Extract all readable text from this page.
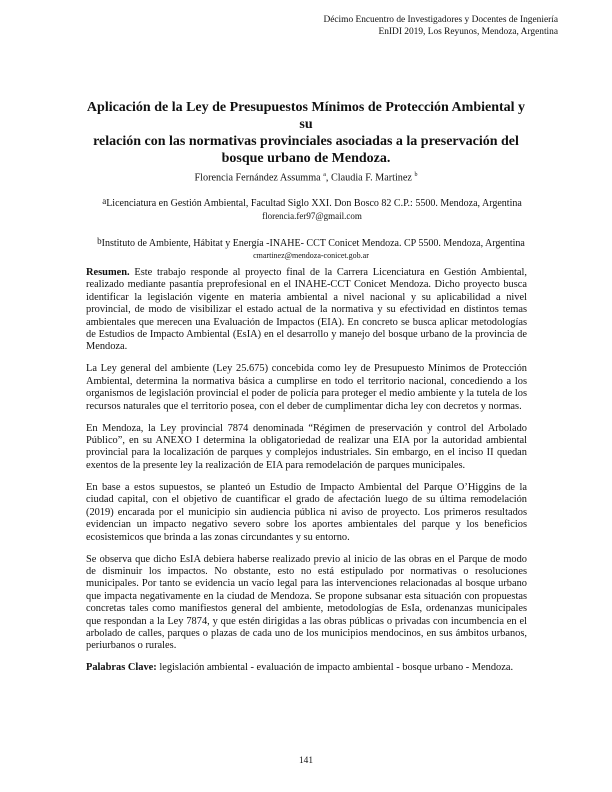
Décimo Encuentro de Investigadores y Docentes de Ingeniería
EnIDI 2019, Los Reyunos, Mendoza, Argentina
Aplicación de la Ley de Presupuestos Mínimos de Protección Ambiental y su
relación con las normativas provinciales asociadas a la preservación del
bosque urbano de Mendoza.
Florencia Fernández Assumma $^a$, Claudia F. Martinez $^b$
$^a$Licenciatura en Gestión Ambiental, Facultad Siglo XXI. Don Bosco 82 C.P.: 5500. Mendoza, Argentina
florencia.fer97@gmail.com
$^b$Instituto de Ambiente, Hábitat y Energía -INAHE- CCT Conicet Mendoza. CP 5500. Mendoza, Argentina
cmartinez@mendoza-conicet.gob.ar

Resumen. Este trabajo responde al proyecto final de la Carrera Licenciatura en Gestión Ambiental, realizado mediante pasantía preprofesional en el INAHE-CCT Conicet Mendoza. Dicho proyecto busca identificar la legislación vigente en materia ambiental a nivel nacional y su aplicabilidad a nivel provincial, de modo de visibilizar el estado actual de la normativa y su efectividad en distintos temas ambientales que merecen una Evaluación de Impactos (EIA). En concreto se busca aplicar metodologías de Estudios de Impacto Ambiental (EsIA) en el desarrollo y manejo del bosque urbano de la provincia de Mendoza.

La Ley general del ambiente (Ley 25.675) concebida como ley de Presupuesto Mínimos de Protección Ambiental, determina la normativa básica a cumplirse en todo el territorio nacional, concediendo a los organismos de legislación provincial el poder de policía para proteger el medio ambiente y la tutela de los recursos naturales que el territorio posea, con el deber de cumplimentar dicha ley con decretos y normas.

En Mendoza, la Ley provincial 7874 denominada “Régimen de preservación y control del Arbolado Público”, en su ANEXO I determina la obligatoriedad de realizar una EIA por la autoridad ambiental provincial para la localización de parques y complejos industriales. Sin embargo, en el inciso II quedan exentos de la presente ley la realización de EIA para remodelación de parques municipales.

En base a estos supuestos, se planteó un Estudio de Impacto Ambiental del Parque O’Higgins de la ciudad capital, con el objetivo de cuantificar el grado de afectación luego de su última remodelación (2019) encarada por el municipio sin audiencia pública ni aviso de proyecto. Los primeros resultados evidencian un impacto negativo severo sobre los aportes ambientales del parque y los beneficios ecosistemicos que brinda a las zonas circundantes y su entorno.

Se observa que dicho EsIA debiera haberse realizado previo al inicio de las obras en el Parque de modo de disminuir los impactos. No obstante, esto no está estipulado por normativas o resoluciones municipales. Por tanto se evidencia un vacío legal para las intervenciones relacionadas al bosque urbano que impacta negativamente en la ciudad de Mendoza. Se propone subsanar esta situación con propuestas concretas tales como manifiestos general del ambiente, metodologías de EsIa, ordenanzas municipales que respondan a la Ley 7874, y que estén dirigidas a las obras públicas o privadas con incumbencia en el arbolado de calles, parques o plazas de cada uno de los municipios mendocinos, en sus ámbitos urbanos, periurbanos o rurales.

Palabras Clave: legislación ambiental - evaluación de impacto ambiental - bosque urbano - Mendoza.

141
